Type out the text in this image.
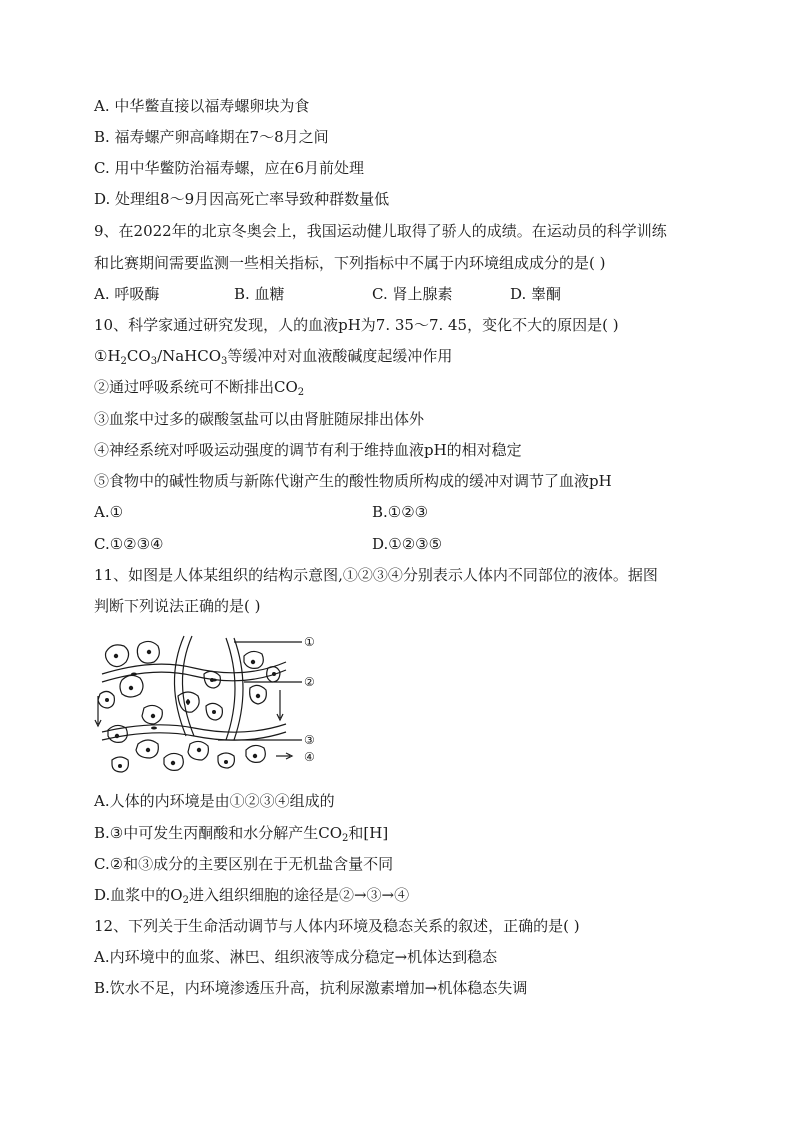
A. 中华鳖直接以福寿螺卵块为食
B. 福寿螺产卵高峰期在7～8月之间
C. 用中华鳖防治福寿螺，应在6月前处理
D. 处理组8～9月因高死亡率导致种群数量低
9、在2022年的北京冬奥会上，我国运动健儿取得了骄人的成绩。在运动员的科学训练
和比赛期间需要监测一些相关指标，下列指标中不属于内环境组成成分的是( )
A. 呼吸酶	B. 血糖	C. 肾上腺素	D. 睾酮
10、科学家通过研究发现，人的血液pH为7. 35～7. 45，变化不大的原因是( )
$①H_2CO_3/NaHCO_3$等缓冲对对血液酸碱度起缓冲作用
②通过呼吸系统可不断排出$CO_2$
③血浆中过多的碳酸氢盐可以由肾脏随尿排出体外
④神经系统对呼吸运动强度的调节有利于维持血液pH的相对稳定
⑤食物中的碱性物质与新陈代谢产生的酸性物质所构成的缓冲对调节了血液pH
A.①	B.①②③
C.①②③④	D.①②③⑤
11、如图是人体某组织的结构示意图,①②③④分别表示人体内不同部位的液体。据图
判断下列说法正确的是( )
①
②
③
④
A.人体的内环境是由①②③④组成的
B.③中可发生丙酮酸和水分解产生$CO_2$和[H]
C.②和③成分的主要区别在于无机盐含量不同
D.血浆中的$O_2$进入组织细胞的途径是②→③→④
12、下列关于生命活动调节与人体内环境及稳态关系的叙述，正确的是( )
A.内环境中的血浆、淋巴、组织液等成分稳定→机体达到稳态
B.饮水不足，内环境渗透压升高，抗利尿激素增加→机体稳态失调
